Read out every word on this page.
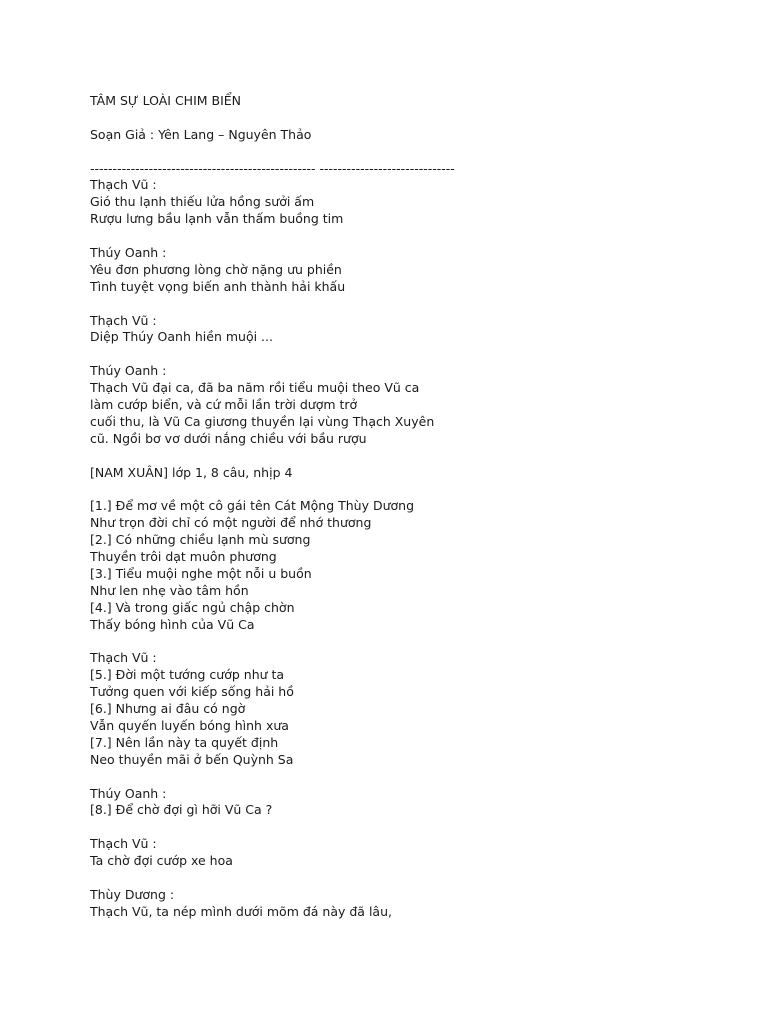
TÂM SỰ LOÀI CHIM BIỂN
Soạn Giả : Yên Lang – Nguyên Thảo
-------------------------------------------------- ------------------------------
Thạch Vũ :
Gió thu lạnh thiếu lửa hồng sưởi ấm
Rượu lưng bầu lạnh vẫn thấm buồng tim
Thúy Oanh :
Yêu đơn phương lòng chờ nặng ưu phiền
Tình tuyệt vọng biến anh thành hải khấu
Thạch Vũ :
Diệp Thúy Oanh hiền muội ...
Thúy Oanh :
Thạch Vũ đại ca, đã ba năm rồi tiểu muội theo Vũ ca
làm cướp biển, và cứ mỗi lần trời dượm trở
cuối thu, là Vũ Ca giương thuyền lại vùng Thạch Xuyên
cũ. Ngồi bơ vơ dưới nắng chiều với bầu rượu
[NAM XUÂN] lớp 1, 8 câu, nhịp 4
[1.] Để mơ về một cô gái tên Cát Mộng Thùy Dương
Như trọn đời chỉ có một người để nhớ thương
[2.] Có những chiều lạnh mù sương
Thuyền trôi dạt muôn phương
[3.] Tiểu muội nghe một nỗi u buồn
Như len nhẹ vào tâm hồn
[4.] Và trong giấc ngủ chập chờn
Thấy bóng hình của Vũ Ca
Thạch Vũ :
[5.] Đời một tướng cướp như ta
Tưởng quen với kiếp sống hải hồ
[6.] Nhưng ai đâu có ngờ
Vẫn quyến luyến bóng hình xưa
[7.] Nên lần này ta quyết định
Neo thuyền mãi ở bến Quỳnh Sa
Thúy Oanh :
[8.] Để chờ đợi gì hỡi Vũ Ca ?
Thạch Vũ :
Ta chờ đợi cướp xe hoa
Thùy Dương :
Thạch Vũ, ta nép mình dưới mõm đá này đã lâu,
